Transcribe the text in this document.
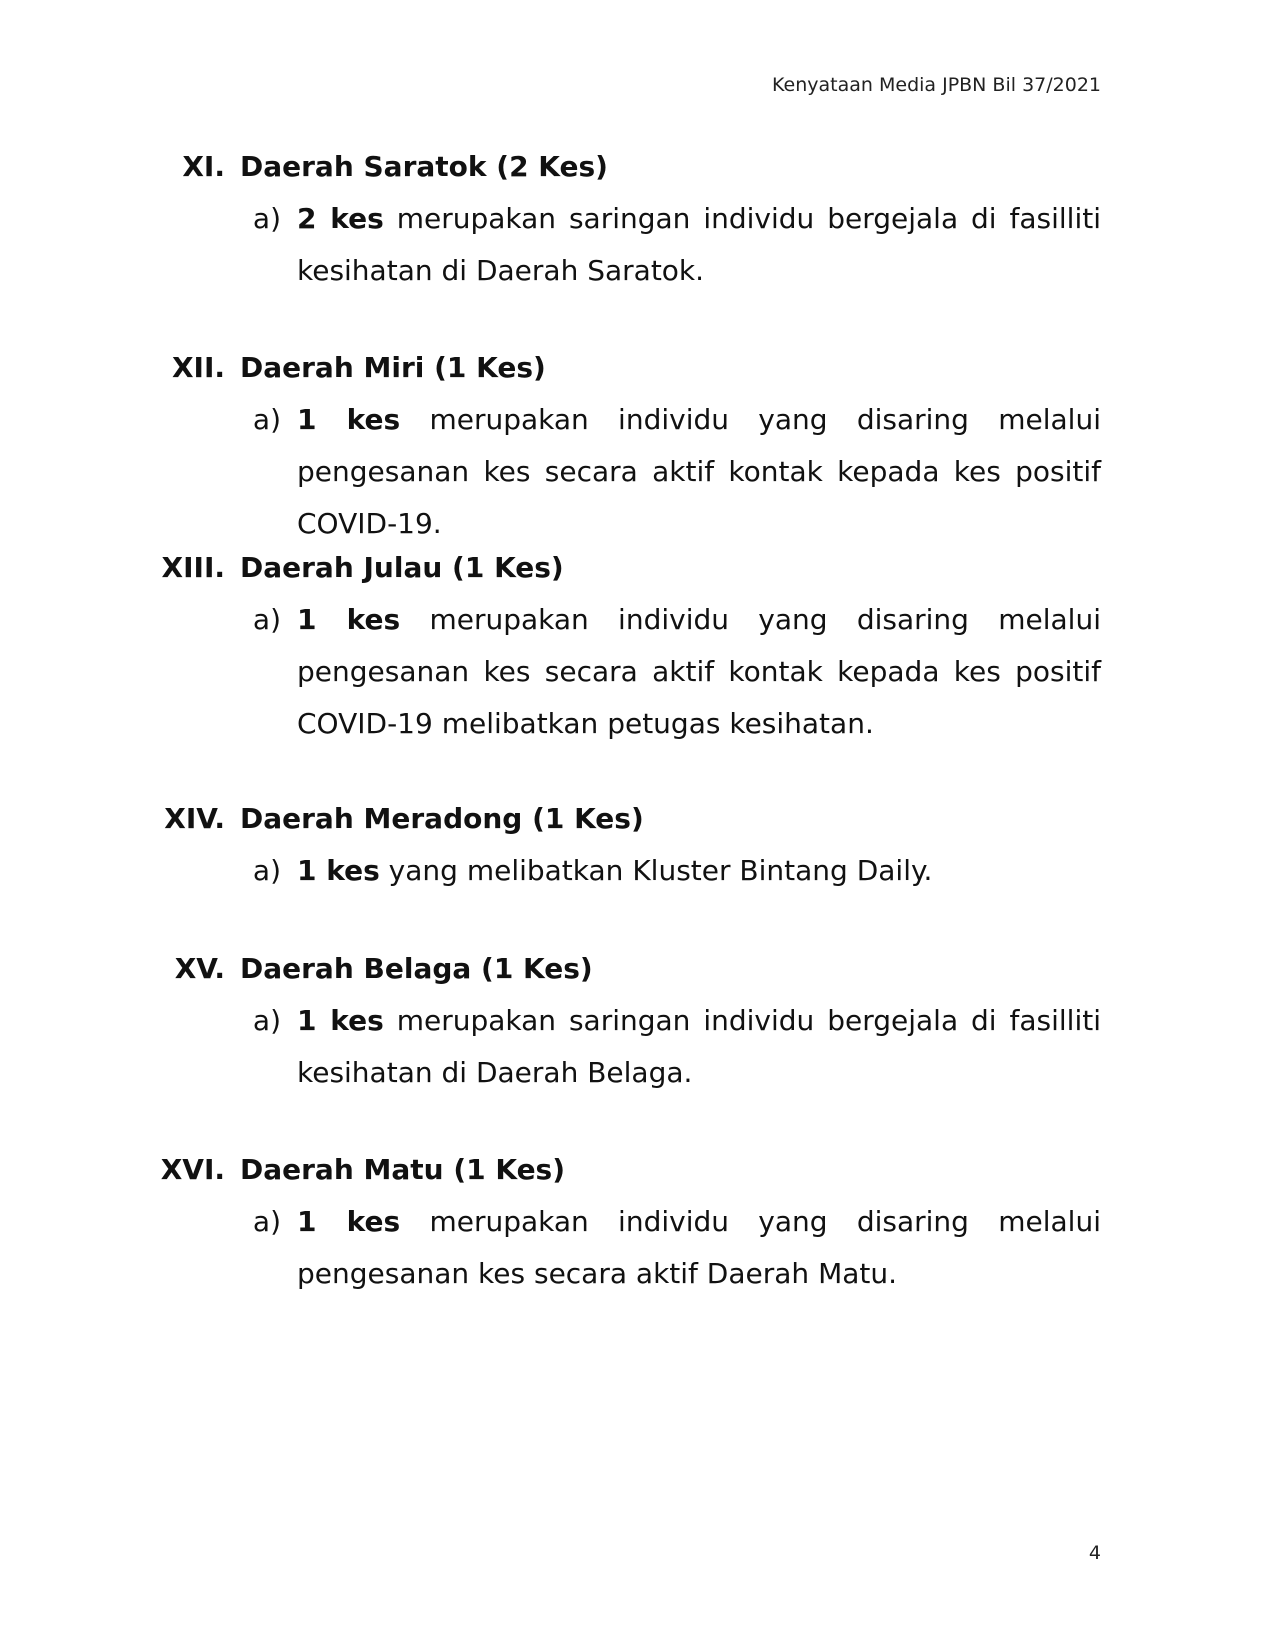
Kenyataan Media JPBN Bil 37/2021
XI. Daerah Saratok (2 Kes)
a) 2 kes merupakan saringan individu bergejala di fasilliti kesihatan di Daerah Saratok.
XII. Daerah Miri (1 Kes)
a) 1 kes merupakan individu yang disaring melalui pengesanan kes secara aktif kontak kepada kes positif COVID-19.
XIII. Daerah Julau (1 Kes)
a) 1 kes merupakan individu yang disaring melalui pengesanan kes secara aktif kontak kepada kes positif COVID-19 melibatkan petugas kesihatan.
XIV. Daerah Meradong (1 Kes)
a) 1 kes yang melibatkan Kluster Bintang Daily.
XV. Daerah Belaga (1 Kes)
a) 1 kes merupakan saringan individu bergejala di fasilliti kesihatan di Daerah Belaga.
XVI. Daerah Matu (1 Kes)
a) 1 kes merupakan individu yang disaring melalui pengesanan kes secara aktif Daerah Matu.
4
